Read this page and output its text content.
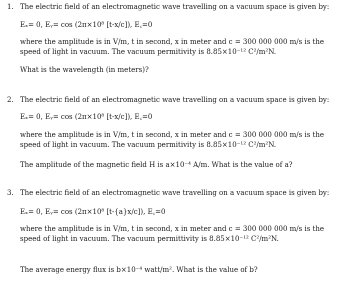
1. The electric field of an electromagnetic wave travelling on a vacuum space is given by:
Eₓ= 0, Eᵧ= cos (2π×10⁸ [t-x/c]), E꜀=0
where the amplitude is in V/m, t in second, x in meter and c = 300 000 000 m/s is the
speed of light in vacuum. The vacuum permitivity is 8.85×10⁻¹² C²/m²N.
What is the wavelength (in meters)?
2. The electric field of an electromagnetic wave travelling on a vacuum space is given by:
Eₓ= 0, Eᵧ= cos (2π×10⁸ [t-x/c]), E꜀=0
where the amplitude is in V/m, t in second, x in meter and c = 300 000 000 m/s is the
speed of light in vacuum. The vacuum permitivity is 8.85×10⁻¹² C²/m²N.
The amplitude of the magnetic field H is a×10⁻⁴ A/m. What is the value of a?
3. The electric field of an electromagnetic wave travelling on a vacuum space is given by:
Eₓ= 0, Eᵧ= cos (2π×10⁸ [t-{a}x/c]), E꜀=0
where the amplitude is in V/m, t in second, x in meter and c = 300 000 000 m/s is the
speed of light in vacuum. The vacuum permittivity is 8.85×10⁻¹² C²/m²N.
The average energy flux is b×10⁻⁴ watt/m². What is the value of b?
